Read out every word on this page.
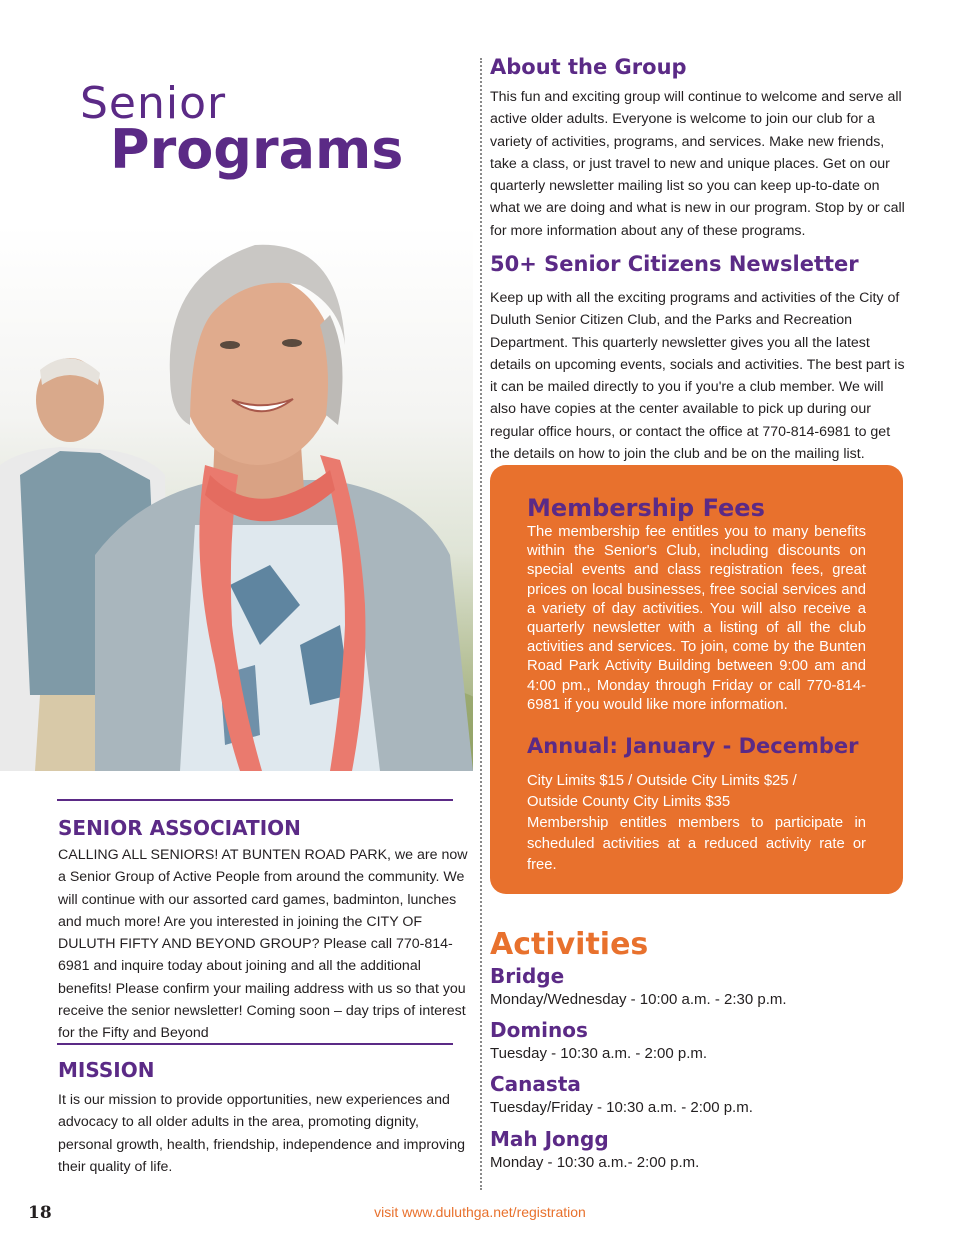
Senior
Programs
About the Group
This fun and exciting group will continue to welcome and serve all active older adults. Everyone is welcome to join our club for a variety of activities, programs, and services. Make new friends, take a class, or just travel to new and unique places. Get on our quarterly newsletter mailing list so you can keep up-to-date on what we are doing and what is new in our program. Stop by or call for more information about any of these programs.
50+ Senior Citizens Newsletter
Keep up with all the exciting programs and activities of the City of Duluth Senior Citizen Club, and the Parks and Recreation Department. This quarterly newsletter gives you all the latest details on upcoming events, socials and activities. The best part is it can be mailed directly to you if you're a club member. We will also have copies at the center available to pick up during our regular office hours, or contact the office at 770-814-6981 to get the details on how to join the club and be on the mailing list.
Membership Fees
The membership fee entitles you to many benefits within the Senior's Club, including discounts on special events and class registration fees, great prices on local businesses, free social services and a variety of day activities. You will also receive a quarterly newsletter with a listing of all the club activities and services. To join, come by the Bunten Road Park Activity Building between 9:00 am and 4:00 pm., Monday through Friday or call 770-814-6981 if you would like more information.
Annual: January - December
City Limits $15 / Outside City Limits $25 /
Outside County City Limits $35
Membership entitles members to participate in scheduled activities at a reduced activity rate or free.
SENIOR ASSOCIATION
CALLING ALL SENIORS! AT BUNTEN ROAD PARK, we are now a Senior Group of Active People from around the community. We will continue with our assorted card games, badminton, lunches and much more! Are you interested in joining the CITY OF DULUTH FIFTY AND BEYOND GROUP? Please call 770-814-6981 and inquire today about joining and all the additional benefits! Please confirm your mailing address with us so that you receive the senior newsletter! Coming soon – day trips of interest for the Fifty and Beyond
MISSION
It is our mission to provide opportunities, new experiences and advocacy to all older adults in the area, promoting dignity, personal growth, health, friendship, independence and improving their quality of life.
Activities
Bridge
Monday/Wednesday - 10:00 a.m. - 2:30 p.m.
Dominos
Tuesday - 10:30 a.m. - 2:00 p.m.
Canasta
Tuesday/Friday - 10:30 a.m. - 2:00 p.m.
Mah Jongg
Monday - 10:30 a.m.- 2:00 p.m.
18	visit www.duluthga.net/registration
